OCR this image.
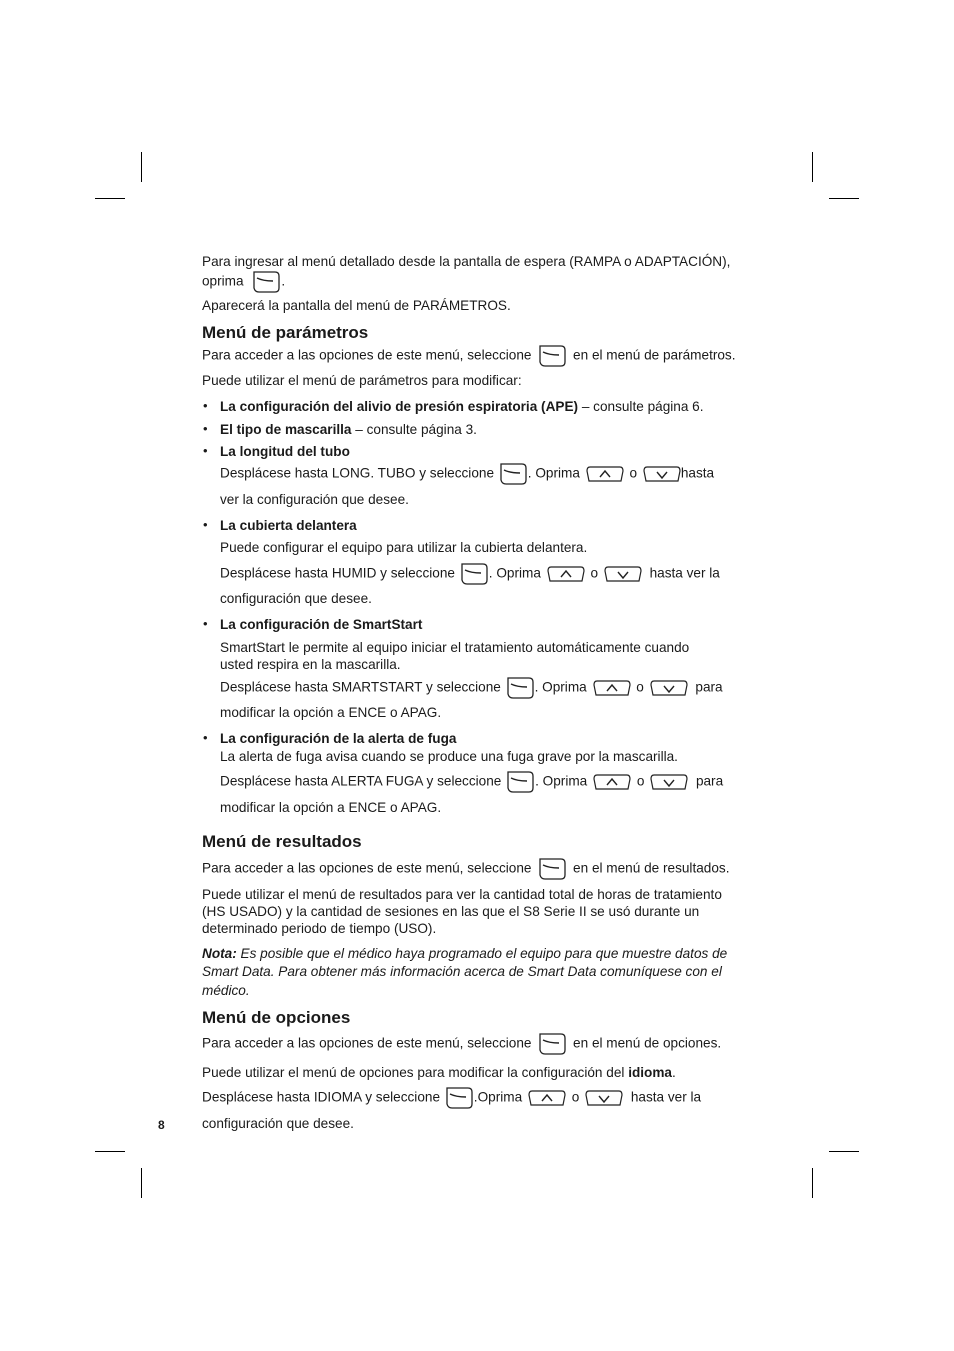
Para ingresar al menú detallado desde la pantalla de espera (RAMPA o ADAPTACIÓN),
oprima	.
Aparecerá la pantalla del menú de PARÁMETROS.
Menú de parámetros
Para acceder a las opciones de este menú, seleccione	en el menú de parámetros.
Puede utilizar el menú de parámetros para modificar:
• La configuración del alivio de presión espiratoria (APE) – consulte página 6.
• El tipo de mascarilla – consulte página 3.
• La longitud del tubo
Desplácese hasta LONG. TUBO y seleccione . Oprima	o	hasta
ver la configuración que desee.
• La cubierta delantera
Puede configurar el equipo para utilizar la cubierta delantera.
Desplácese hasta HUMID y seleccione . Oprima	o	hasta ver la
configuración que desee.
• La configuración de SmartStart
SmartStart le permite al equipo iniciar el tratamiento automáticamente cuando
usted respira en la mascarilla.
Desplácese hasta SMARTSTART y seleccione . Oprima	o	para
modificar la opción a ENCE o APAG.
• La configuración de la alerta de fuga
La alerta de fuga avisa cuando se produce una fuga grave por la mascarilla.
Desplácese hasta ALERTA FUGA y seleccione . Oprima	o	para
modificar la opción a ENCE o APAG.
Menú de resultados
Para acceder a las opciones de este menú, seleccione	en el menú de resultados.
Puede utilizar el menú de resultados para ver la cantidad total de horas de tratamiento
(HS USADO) y la cantidad de sesiones en las que el S8 Serie II se usó durante un
determinado periodo de tiempo (USO).
Nota: Es posible que el médico haya programado el equipo para que muestre datos de
Smart Data. Para obtener más información acerca de Smart Data comuníquese con el
médico.
Menú de opciones
Para acceder a las opciones de este menú, seleccione	en el menú de opciones.
Puede utilizar el menú de opciones para modificar la configuración del idioma.
Desplácese hasta IDIOMA y seleccione .Oprima	o	hasta ver la
configuración que desee.
8
